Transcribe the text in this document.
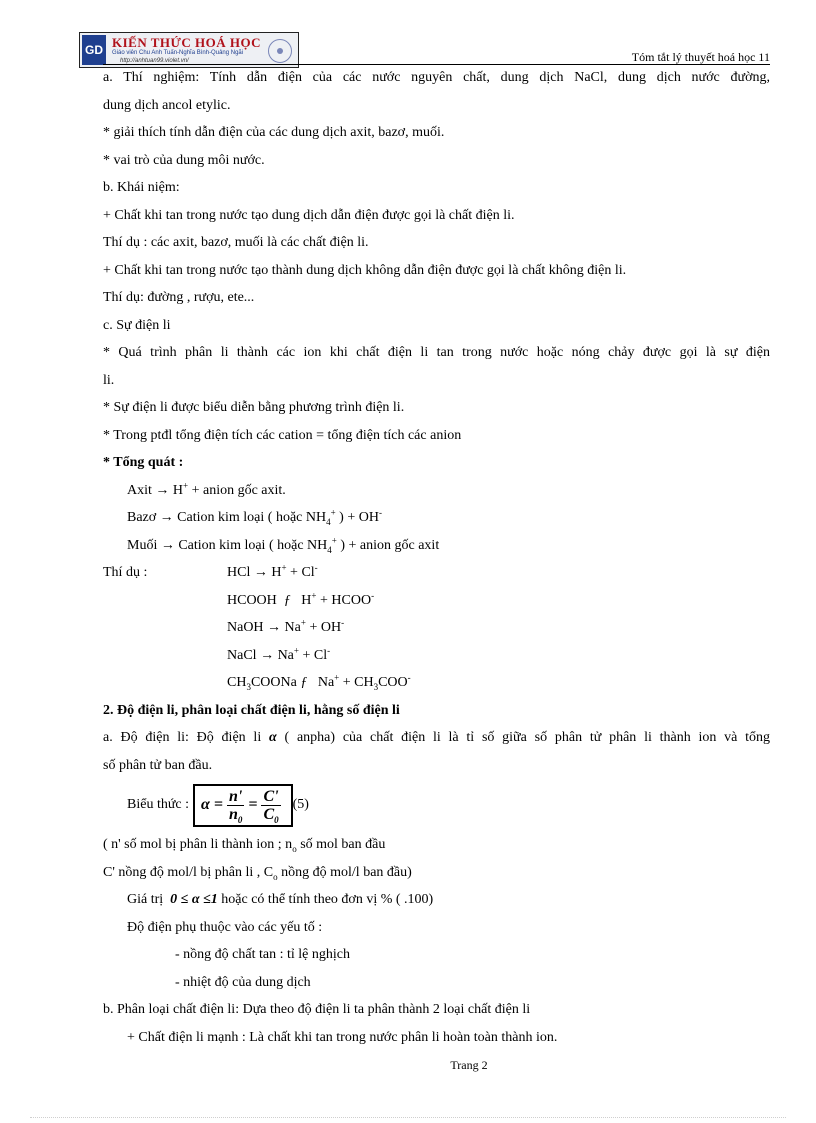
GD KIẾN THỨC HOÁ HỌC
Giáo viên Chu Anh Tuấn-Nghĩa Bình-Quảng Ngãi
http://anhtuan99.violet.vn/	Tóm tắt lý thuyết hoá học 11
a. Thí nghiệm: Tính dẫn điện của các nước nguyên chất, dung dịch NaCl, dung dịch nước đường,
dung dịch ancol etylic.
* giải thích tính dẫn điện của các dung dịch axit, bazơ, muối.
* vai trò của dung môi nước.
b. Khái niệm:
+ Chất khi tan trong nước tạo dung dịch dẫn điện được gọi là chất điện li.
Thí dụ : các axit, bazơ, muối là các chất điện li.
+ Chất khi tan trong nước tạo thành dung dịch không dẫn điện được gọi là chất không điện li.
Thí dụ: đường , rượu, ete...
c. Sự điện li
* Quá trình phân li thành các ion khi chất điện li tan trong nước hoặc nóng chảy được gọi là sự điện
li.
* Sự điện li được biểu diễn bằng phương trình điện li.
* Trong ptđl tổng điện tích các cation = tổng điện tích các anion
* Tổng quát :
Axit → H+ + anion gốc axit.
Bazơ → Cation kim loại ( hoặc $NH_4^+$ ) + OH-
Muối → Cation kim loại ( hoặc $NH_4^+$ ) + anion gốc axit
Thí dụ :	HCl → H+ + Cl-
HCOOH ƒ H+ + HCOO-
NaOH → Na+ + OH-
NaCl → Na+ + Cl-
$CH_3COONa$ ƒ $Na^+ + CH_3COO^-$
2. Độ điện li, phân loại chất điện li, hằng số điện li
a. Độ điện li: Độ điện li α ( anpha) của chất điện li là tỉ số giữa số phân tử phân li thành ion và tổng
số phân tử ban đầu.
Biểu thức : $\alpha = \frac{n'}{n_0} = \frac{C'}{C_0} (5)$
( n' số mol bị phân li thành ion ; $n_o$ số mol ban đầu
C' nồng độ mol/l bị phân li , $C_o$ nồng độ mol/l ban đầu)
Giá trị 0 ≤ α ≤1 hoặc có thể tính theo đơn vị % ( .100)
Độ điện phụ thuộc vào các yếu tố :
- nồng độ chất tan : tỉ lệ nghịch
- nhiệt độ của dung dịch
b. Phân loại chất điện li: Dựa theo độ điện li ta phân thành 2 loại chất điện li
+ Chất điện li mạnh : Là chất khi tan trong nước phân li hoàn toàn thành ion.
Trang 2
